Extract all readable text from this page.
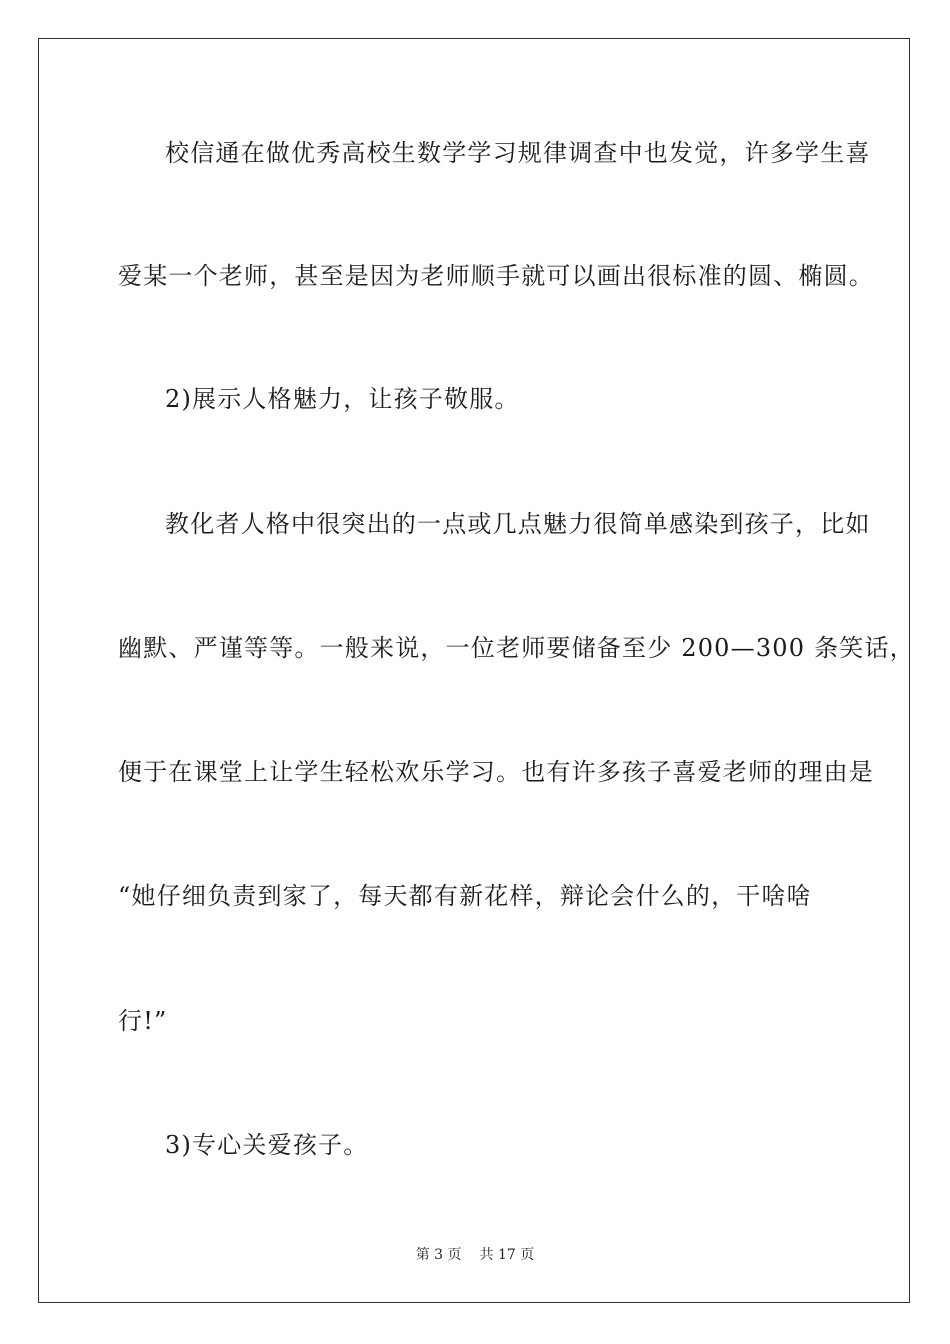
校信通在做优秀高校生数学学习规律调查中也发觉，许多学生喜
爱某一个老师，甚至是因为老师顺手就可以画出很标准的圆、椭圆。
2)展示人格魅力，让孩子敬服。
教化者人格中很突出的一点或几点魅力很简单感染到孩子，比如
幽默、严谨等等。一般来说，一位老师要储备至少 200—300 条笑话，
便于在课堂上让学生轻松欢乐学习。也有许多孩子喜爱老师的理由是
“她仔细负责到家了，每天都有新花样，辩论会什么的，干啥啥
行!”
3)专心关爱孩子。
第 3 页 共 17 页
